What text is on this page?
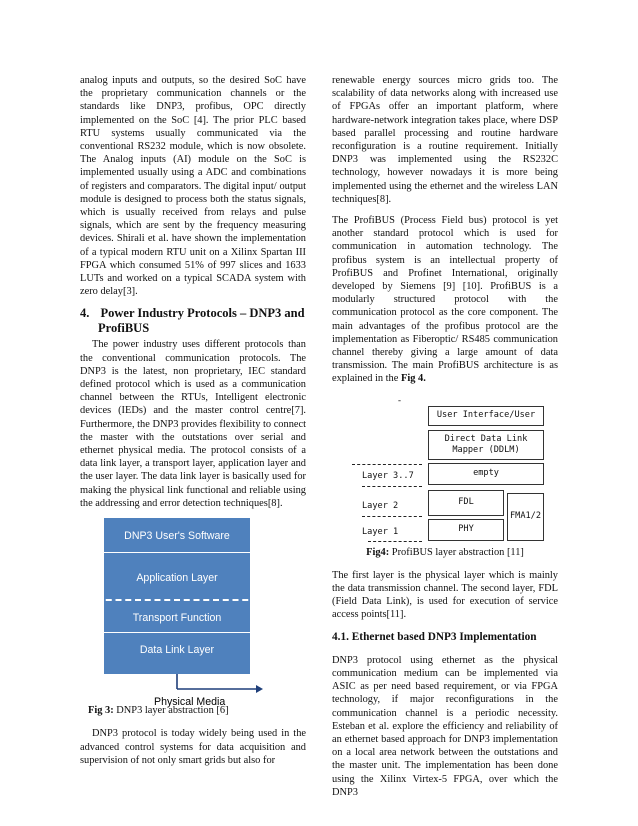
analog inputs and outputs, so the desired SoC have the proprietary communication channels or the standards like DNP3, profibus, OPC directly implemented on the SoC [4]. The prior PLC based RTU systems usually communicated via the conventional RS232 module, which is now obsolete. The Analog inputs (AI) module on the SoC is implemented usually using a ADC and combinations of registers and comparators. The digital input/ output module is designed to process both the status signals, which is usually received from relays and pulse signals, which are sent by the frequency measuring devices. Shirali et al. have shown the implementation of a typical modern RTU unit on a Xilinx Spartan III FPGA which consumed 51% of 997 slices and 1633 LUTs and worked on a typical SCADA system with zero delay[3].

4. Power Industry Protocols – DNP3 and ProfiBUS

The power industry uses different protocols than the conventional communication protocols. The DNP3 is the latest, non proprietary, IEC standard defined protocol which is used as a communication channel between the RTUs, Intelligent electronic devices (IEDs) and the master control centre[7]. Furthermore, the DNP3 provides flexibility to connect the master with the outstations over serial and ethernet physical media. The protocol consists of a data link layer, a transport layer, application layer and the user layer. The data link layer is basically used for making the physical link functional and reliable using the addressing and error detection techniques[8].

DNP3 User's Software
Application Layer
Transport Function
Data Link Layer
Physical Media
Fig 3: DNP3 layer abstraction [6]

DNP3 protocol is today widely being used in the advanced control systems for data acquisition and supervision of not only smart grids but also for

renewable energy sources micro grids too. The scalability of data networks along with increased use of FPGAs offer an important platform, where hardware-network integration takes place, where DSP based parallel processing and routine hardware reconfiguration is a routine requirement. Initially DNP3 was implemented using the RS232C technology, however nowadays it is more being implemented using the ethernet and the wireless LAN techniques[8].

The ProfiBUS (Process Field bus) protocol is yet another standard protocol which is used for communication in automation technology. The profibus system is an intellectual property of ProfiBUS and Profinet International, originally developed by Siemens [9] [10]. ProfiBUS is a modularly structured protocol with the communication protocol as the core component. The main advantages of the profibus protocol are the implementation as Fiberoptic/ RS485 communication channel thereby giving a large amount of data transmission. The main ProfiBUS architecture is as explained in the Fig 4.

-
User Interface/User
Direct Data Link Mapper (DDLM)
empty
FDL
PHY
FMA1/2
Layer 3..7
Layer 2
Layer 1
Fig4: ProfiBUS layer abstraction [11]

The first layer is the physical layer which is mainly the data transmission channel. The second layer, FDL (Field Data Link), is used for execution of service access points[11].

4.1. Ethernet based DNP3 Implementation

DNP3 protocol using ethernet as the physical communication medium can be implemented via ASIC as per need based requirement, or via FPGA technology, if major reconfigurations in the communication channel is a periodic necessity. Esteban et al. explore the efficiency and reliability of an ethernet based approach for DNP3 implementation on a local area network between the outstations and the master unit. The implementation has been done using the Xilinx Virtex-5 FPGA, over which the DNP3
